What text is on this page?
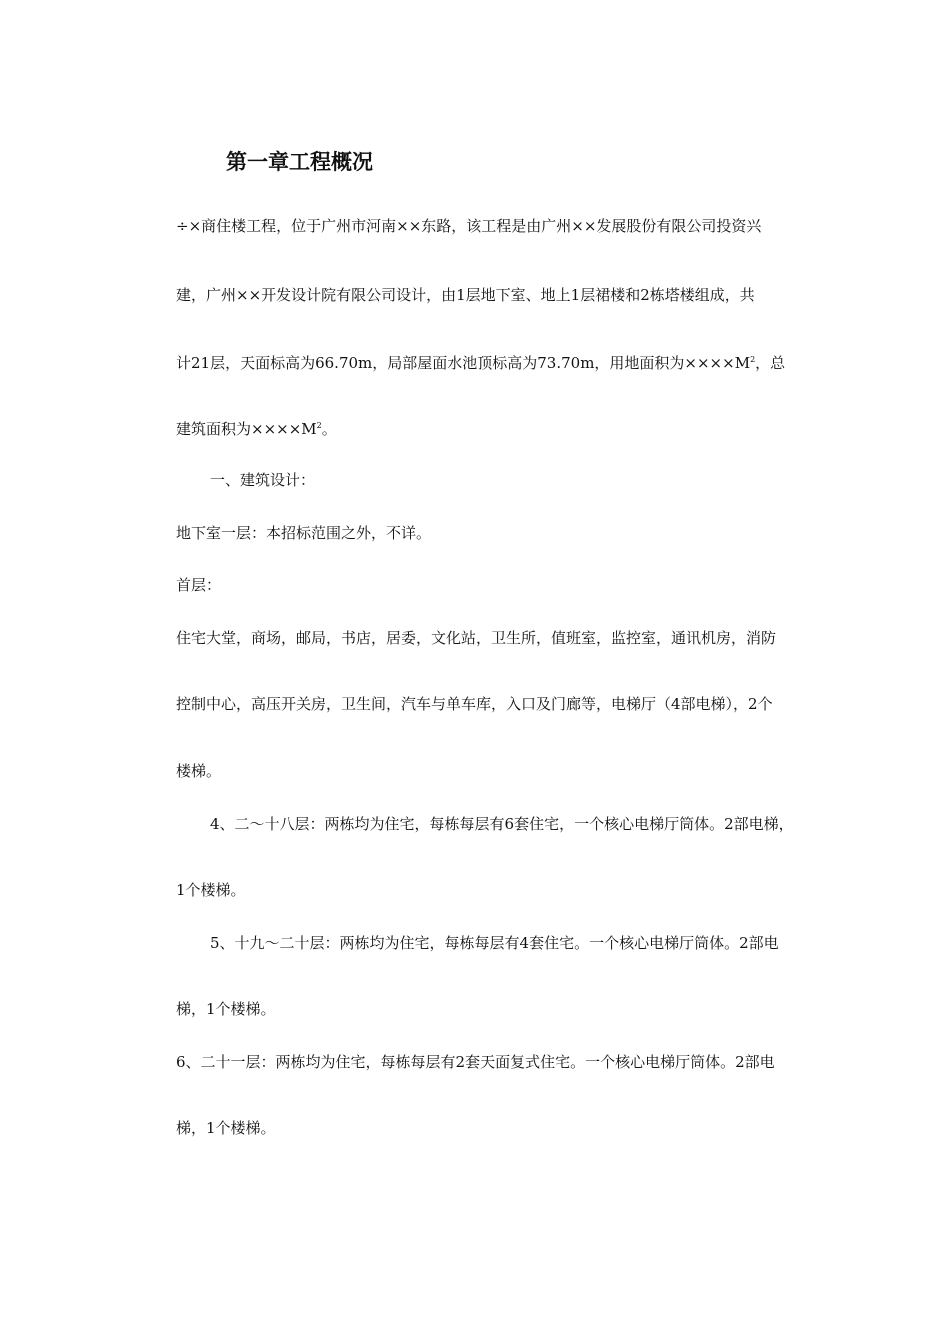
第一章工程概况
÷×商住楼工程，位于广州市河南××东路，该工程是由广州××发展股份有限公司投资兴
建，广州××开发设计院有限公司设计，由1层地下室、地上1层裙楼和2栋塔楼组成，共
计21层，天面标高为66.70m，局部屋面水池顶标高为73.70m，用地面积为$\times\times\times\times M^2$，总
建筑面积为$\times\times\times\times M^2$。
一、建筑设计：
地下室一层：本招标范围之外，不详。
首层：
住宅大堂，商场，邮局，书店，居委，文化站，卫生所，值班室，监控室，通讯机房，消防
控制中心，高压开关房，卫生间，汽车与单车库，入口及门廊等，电梯厅（4部电梯），2个
楼梯。
4、二～十八层：两栋均为住宅，每栋每层有6套住宅，一个核心电梯厅筒体。2部电梯，
1个楼梯。
5、十九～二十层：两栋均为住宅，每栋每层有4套住宅。一个核心电梯厅筒体。2部电
梯，1个楼梯。
6、二十一层：两栋均为住宅，每栋每层有2套天面复式住宅。一个核心电梯厅筒体。2部电
梯，1个楼梯。
